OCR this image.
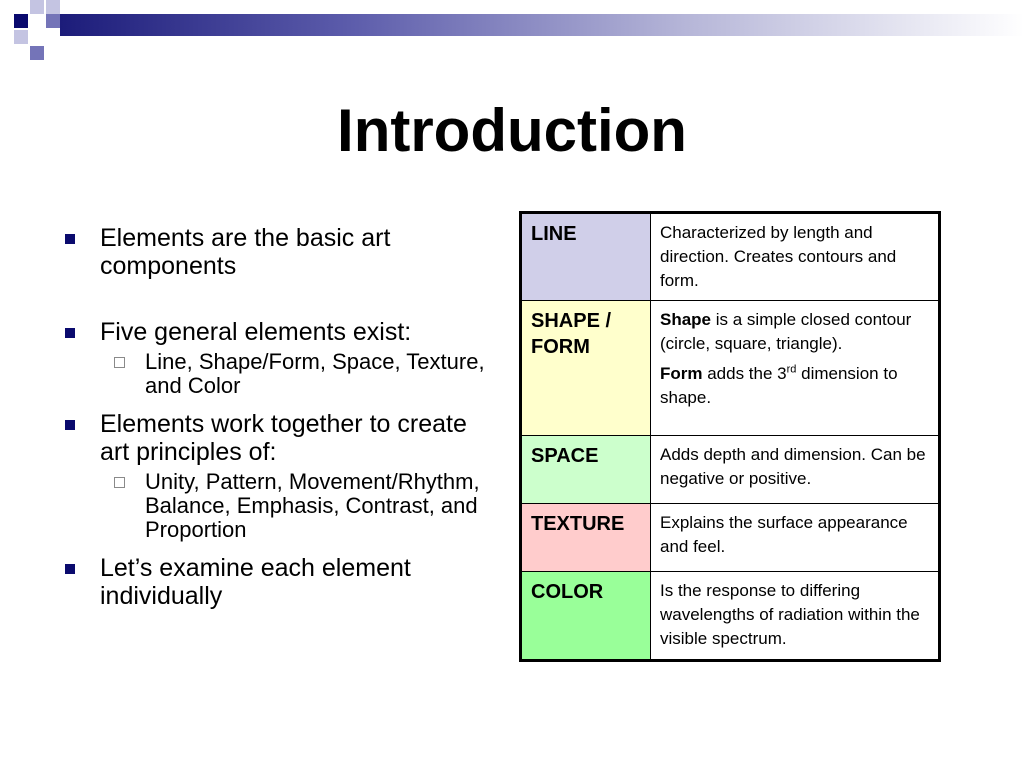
Introduction
Elements are the basic art components
Five general elements exist:
Line, Shape/Form, Space, Texture, and Color
Elements work together to create art principles of:
Unity, Pattern, Movement/Rhythm, Balance, Emphasis, Contrast, and Proportion
Let’s examine each element individually
LINE	Characterized by length and direction. Creates contours and form.

SHAPE / FORM	Shape is a simple closed contour (circle, square, triangle).

Form adds the 3rd dimension to shape.

SPACE	Adds depth and dimension. Can be negative or positive.

TEXTURE	Explains the surface appearance and feel.

COLOR	Is the response to differing wavelengths of radiation within the visible spectrum.
